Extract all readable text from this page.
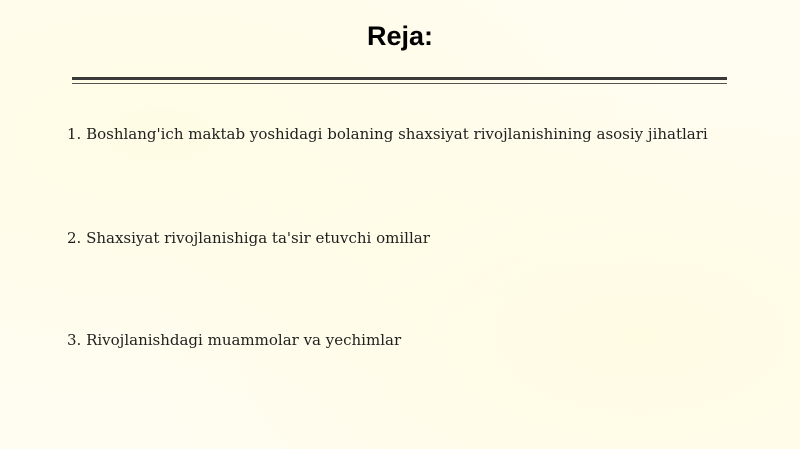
Reja:
1. Boshlang'ich maktab yoshidagi bolaning shaxsiyat rivojlanishining asosiy jihatlari
2. Shaxsiyat rivojlanishiga ta'sir etuvchi omillar
3. Rivojlanishdagi muammolar va yechimlar
